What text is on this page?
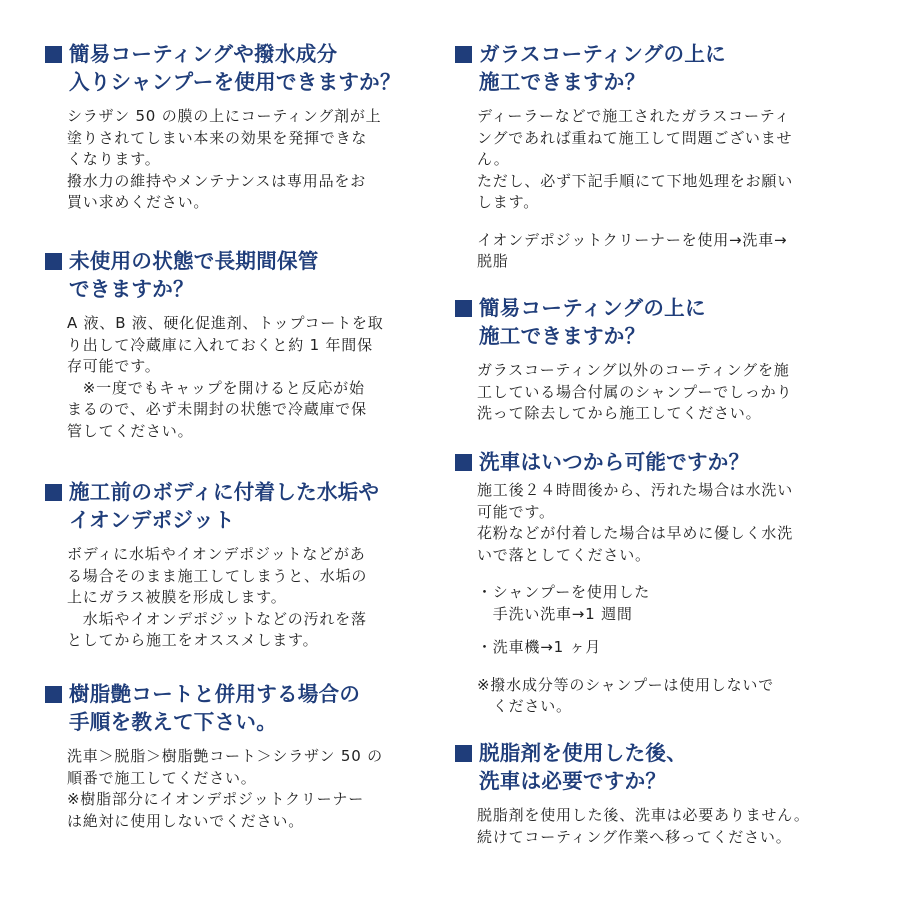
簡易コーティングや撥水成分
入りシャンプーを使用できますか？
シラザン 50 の膜の上にコーティング剤が上
塗りされてしまい本来の効果を発揮できな
くなります。
撥水力の維持やメンテナンスは専用品をお
買い求めください。
未使用の状態で長期間保管
できますか？
A 液、B 液、硬化促進剤、トップコートを取
り出して冷蔵庫に入れておくと約 1 年間保
存可能です。
　※一度でもキャップを開けると反応が始
まるので、必ず未開封の状態で冷蔵庫で保
管してください。
施工前のボディに付着した水垢や
イオンデポジット
ボディに水垢やイオンデポジットなどがあ
る場合そのまま施工してしまうと、水垢の
上にガラス被膜を形成します。
　水垢やイオンデポジットなどの汚れを落
としてから施工をオススメします。
樹脂艶コートと併用する場合の
手順を教えて下さい。
洗車＞脱脂＞樹脂艶コート＞シラザン 50 の
順番で施工してください。
※樹脂部分にイオンデポジットクリーナー
は絶対に使用しないでください。
ガラスコーティングの上に
施工できますか？
ディーラーなどで施工されたガラスコーティ
ングであれば重ねて施工して問題ございませ
ん。
ただし、必ず下記手順にて下地処理をお願い
します。
イオンデポジットクリーナーを使用→洗車→
脱脂
簡易コーティングの上に
施工できますか？
ガラスコーティング以外のコーティングを施
工している場合付属のシャンプーでしっかり
洗って除去してから施工してください。
洗車はいつから可能ですか？
施工後２４時間後から、汚れた場合は水洗い
可能です。
花粉などが付着した場合は早めに優しく水洗
いで落としてください。
・シャンプーを使用した
　手洗い洗車→1 週間
・洗車機→1 ヶ月
※撥水成分等のシャンプーは使用しないで
　ください。
脱脂剤を使用した後、
洗車は必要ですか？
脱脂剤を使用した後、洗車は必要ありません。
続けてコーティング作業へ移ってください。
